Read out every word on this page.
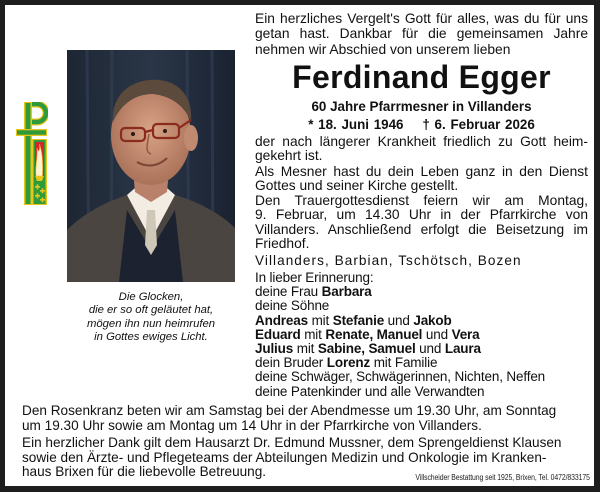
Die Glocken,
die er so oft geläutet hat,
mögen ihn nun heimrufen
in Gottes ewiges Licht.
Ein herzliches Vergelt's Gott für alles, was du für uns
getan hast. Dankbar für die gemeinsamen Jahre
nehmen wir Abschied von unserem lieben
Ferdinand Egger
60 Jahre Pfarrmesner in Villanders
* 18. Juni 1946 † 6. Februar 2026

der nach längerer Krankheit friedlich zu Gott heim-
gekehrt ist.

Als Mesner hast du dein Leben ganz in den Dienst
Gottes und seiner Kirche gestellt.

Den Trauergottesdienst feiern wir am Montag,
9. Februar, um 14.30 Uhr in der Pfarrkirche von
Villanders. Anschließend erfolgt die Beisetzung im
Friedhof.

Villanders, Barbian, Tschötsch, Bozen
In lieber Erinnerung:
deine Frau Barbara
deine Söhne
Andreas mit Stefanie und Jakob
Eduard mit Renate, Manuel und Vera
Julius mit Sabine, Samuel und Laura
dein Bruder Lorenz mit Familie
deine Schwäger, Schwägerinnen, Nichten, Neffen
deine Patenkinder und alle Verwandten
Den Rosenkranz beten wir am Samstag bei der Abendmesse um 19.30 Uhr, am Sonntag
um 19.30 Uhr sowie am Montag um 14 Uhr in der Pfarrkirche von Villanders.
Ein herzlicher Dank gilt dem Hausarzt Dr. Edmund Mussner, dem Sprengeldienst Klausen
sowie den Ärzte- und Pflegeteams der Abteilungen Medizin und Onkologie im Kranken-
haus Brixen für die liebevolle Betreuung.	Villscheider Bestattung seit 1925, Brixen, Tel. 0472/833175
